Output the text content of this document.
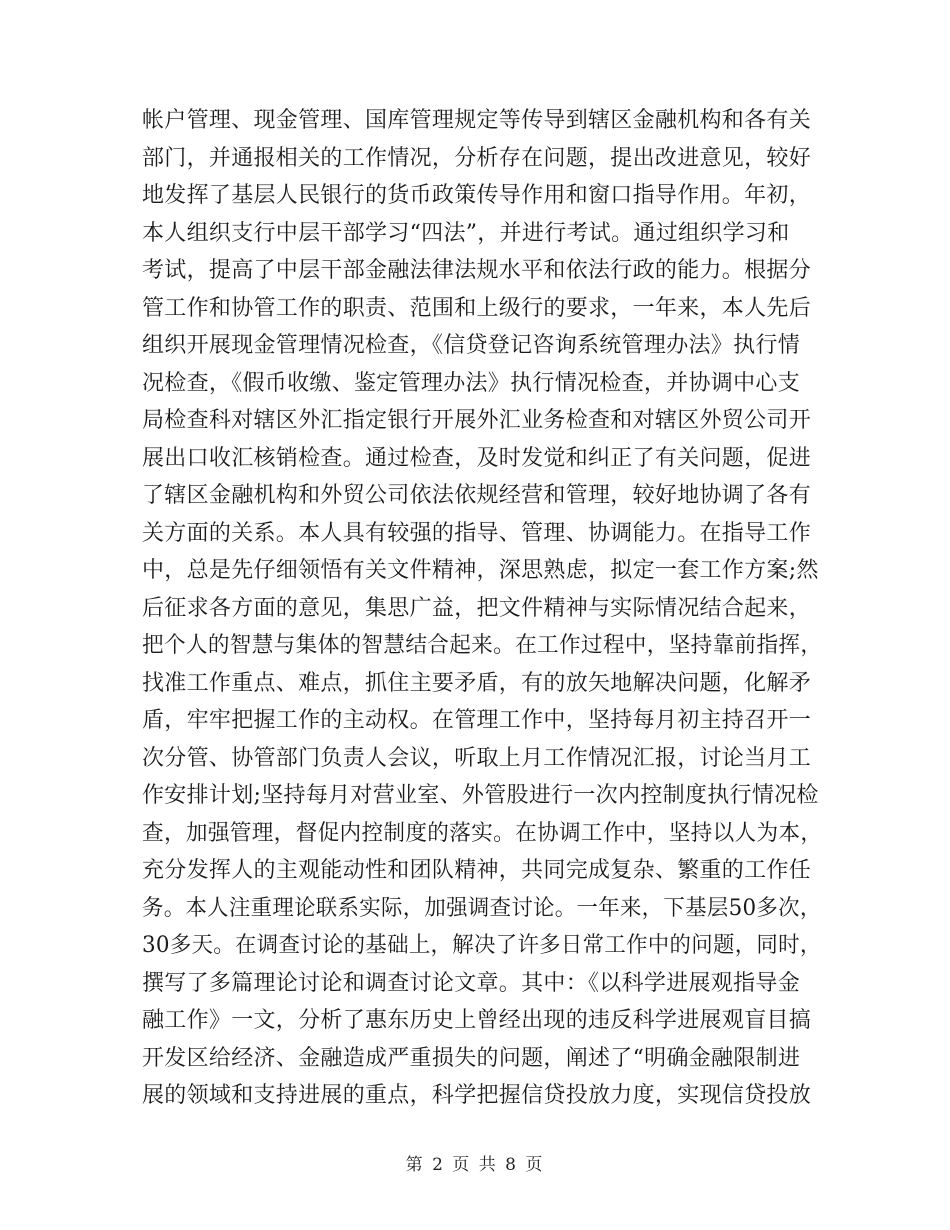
帐户管理、现金管理、国库管理规定等传导到辖区金融机构和各有关
部门，并通报相关的工作情况，分析存在问题，提出改进意见，较好
地发挥了基层人民银行的货币政策传导作用和窗口指导作用。年初，
本人组织支行中层干部学习“四法”，并进行考试。通过组织学习和
考试，提高了中层干部金融法律法规水平和依法行政的能力。根据分
管工作和协管工作的职责、范围和上级行的要求，一年来，本人先后
组织开展现金管理情况检查，《信贷登记咨询系统管理办法》执行情
况检查，《假币收缴、鉴定管理办法》执行情况检查，并协调中心支
局检查科对辖区外汇指定银行开展外汇业务检查和对辖区外贸公司开
展出口收汇核销检查。通过检查，及时发觉和纠正了有关问题，促进
了辖区金融机构和外贸公司依法依规经营和管理，较好地协调了各有
关方面的关系。本人具有较强的指导、管理、协调能力。在指导工作
中，总是先仔细领悟有关文件精神，深思熟虑，拟定一套工作方案;然
后征求各方面的意见，集思广益，把文件精神与实际情况结合起来，
把个人的智慧与集体的智慧结合起来。在工作过程中，坚持靠前指挥，
找准工作重点、难点，抓住主要矛盾，有的放矢地解决问题，化解矛
盾，牢牢把握工作的主动权。在管理工作中，坚持每月初主持召开一
次分管、协管部门负责人会议，听取上月工作情况汇报，讨论当月工
作安排计划;坚持每月对营业室、外管股进行一次内控制度执行情况检
查，加强管理，督促内控制度的落实。在协调工作中，坚持以人为本，
充分发挥人的主观能动性和团队精神，共同完成复杂、繁重的工作任
务。本人注重理论联系实际，加强调查讨论。一年来，下基层50多次，
30多天。在调查讨论的基础上，解决了许多日常工作中的问题，同时，
撰写了多篇理论讨论和调查讨论文章。其中：《以科学进展观指导金
融工作》一文，分析了惠东历史上曾经出现的违反科学进展观盲目搞
开发区给经济、金融造成严重损失的问题，阐述了“明确金融限制进
展的领域和支持进展的重点，科学把握信贷投放力度，实现信贷投放
第 2 页 共 8 页
